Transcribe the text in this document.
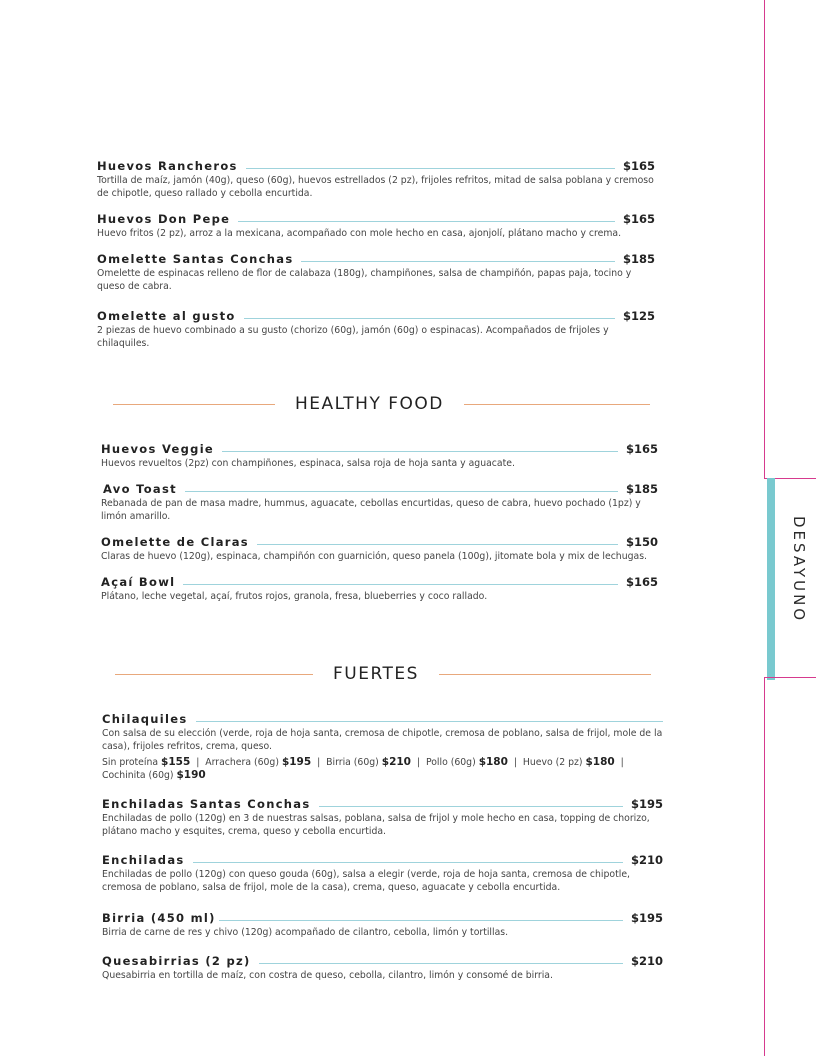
DESAYUNO
Huevos Rancheros	$165
Tortilla de maíz, jamón (40g), queso (60g), huevos estrellados (2 pz), frijoles refritos, mitad de salsa poblana y cremoso de chipotle, queso rallado y cebolla encurtida.
Huevos Don Pepe	$165
Huevo fritos (2 pz), arroz a la mexicana, acompañado con mole hecho en casa, ajonjolí, plátano macho y crema.
Omelette Santas Conchas	$185
Omelette de espinacas relleno de flor de calabaza (180g), champiñones, salsa de champiñón, papas paja, tocino y queso de cabra.
Omelette al gusto	$125
2 piezas de huevo combinado a su gusto (chorizo (60g), jamón (60g) o espinacas). Acompañados de frijoles y chilaquiles.
HEALTHY FOOD
Huevos Veggie	$165
Huevos revueltos (2pz) con champiñones, espinaca, salsa roja de hoja santa y aguacate.
Avo Toast	$185
Rebanada de pan de masa madre, hummus, aguacate, cebollas encurtidas, queso de cabra, huevo pochado (1pz) y limón amarillo.
Omelette de Claras	$150
Claras de huevo (120g), espinaca, champiñón con guarnición, queso panela (100g), jitomate bola y mix de lechugas.
Açaí Bowl	$165
Plátano, leche vegetal, açaí, frutos rojos, granola, fresa, blueberries y coco rallado.
FUERTES
Chilaquiles
Con salsa de su elección (verde, roja de hoja santa, cremosa de chipotle, cremosa de poblano, salsa de frijol, mole de la casa), frijoles refritos, crema, queso.
Sin proteína $155  |  Arrachera (60g) $195  |  Birria (60g) $210  |  Pollo (60g) $180  |  Huevo (2 pz) $180  |
Cochinita (60g) $190
Enchiladas Santas Conchas	$195
Enchiladas de pollo (120g) en 3 de nuestras salsas, poblana, salsa de frijol y mole hecho en casa, topping de chorizo, plátano macho y esquites, crema, queso y cebolla encurtida.
Enchiladas	$210
Enchiladas de pollo (120g) con queso gouda (60g), salsa a elegir (verde, roja de hoja santa, cremosa de chipotle, cremosa de poblano, salsa de frijol, mole de la casa), crema, queso, aguacate y cebolla encurtida.
Birria (450 ml)	$195
Birria de carne de res y chivo (120g) acompañado de cilantro, cebolla, limón y tortillas.
Quesabirrias (2 pz)	$210
Quesabirria en tortilla de maíz, con costra de queso, cebolla, cilantro, limón y consomé de birria.
